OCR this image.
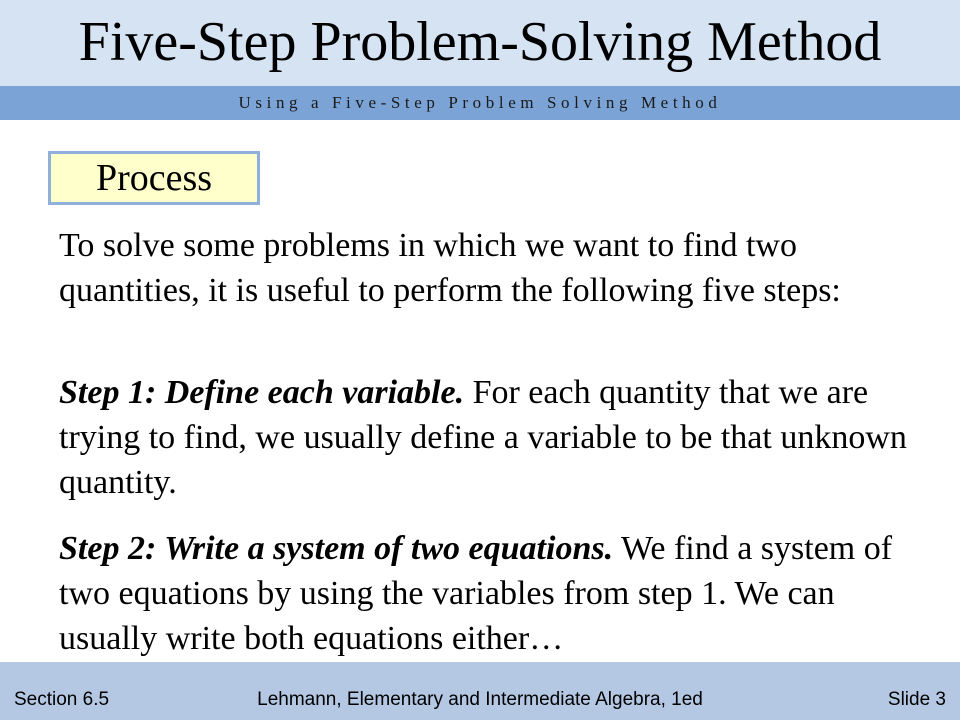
Five-Step Problem-Solving Method
Using a Five-Step Problem Solving Method
Process

To solve some problems in which we want to find two quantities, it is useful to perform the following five steps:

Step 1: Define each variable. For each quantity that we are trying to find, we usually define a variable to be that unknown quantity.

Step 2: Write a system of two equations. We find a system of two equations by using the variables from step 1. We can usually write both equations either…

Section 6.5	Lehmann, Elementary and Intermediate Algebra, 1ed	Slide 3
